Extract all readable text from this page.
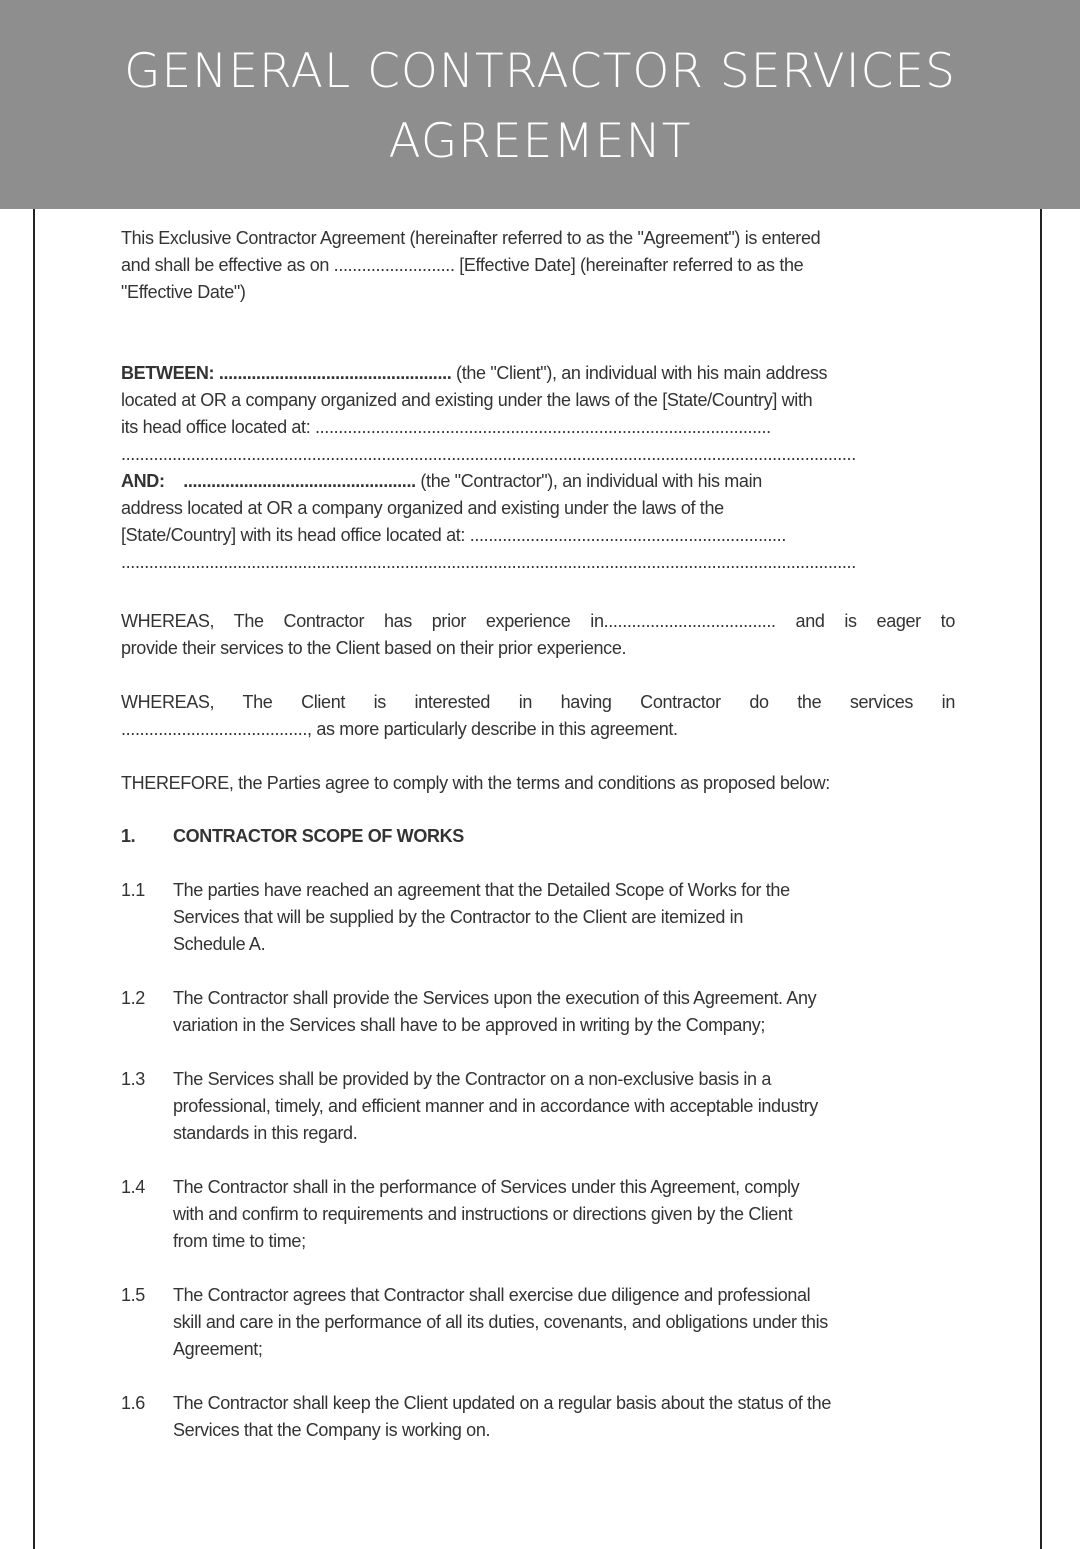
GENERAL CONTRACTOR SERVICES
AGREEMENT
This Exclusive Contractor Agreement (hereinafter referred to as the "Agreement") is entered
and shall be effective as on .......................... [Effective Date] (hereinafter referred to as the
"Effective Date")
BETWEEN: .................................................. (the "Client"), an individual with his main address
located at OR a company organized and existing under the laws of the [State/Country] with
its head office located at: ..................................................................................................
..............................................................................................................................................................
AND:    .................................................. (the "Contractor"), an individual with his main
address located at OR a company organized and existing under the laws of the
[State/Country] with its head office located at: ....................................................................
..............................................................................................................................................................
WHEREAS, The Contractor has prior experience in..................................... and is eager to
provide their services to the Client based on their prior experience.
WHEREAS, The Client is interested in having Contractor do the services in
........................................, as more particularly describe in this agreement.
THEREFORE, the Parties agree to comply with the terms and conditions as proposed below:
1. CONTRACTOR SCOPE OF WORKS
1.1 The parties have reached an agreement that the Detailed Scope of Works for the
Services that will be supplied by the Contractor to the Client are itemized in
Schedule A.
1.2 The Contractor shall provide the Services upon the execution of this Agreement. Any
variation in the Services shall have to be approved in writing by the Company;
1.3 The Services shall be provided by the Contractor on a non-exclusive basis in a
professional, timely, and efficient manner and in accordance with acceptable industry
standards in this regard.
1.4 The Contractor shall in the performance of Services under this Agreement, comply
with and confirm to requirements and instructions or directions given by the Client
from time to time;
1.5 The Contractor agrees that Contractor shall exercise due diligence and professional
skill and care in the performance of all its duties, covenants, and obligations under this
Agreement;
1.6 The Contractor shall keep the Client updated on a regular basis about the status of the
Services that the Company is working on.
